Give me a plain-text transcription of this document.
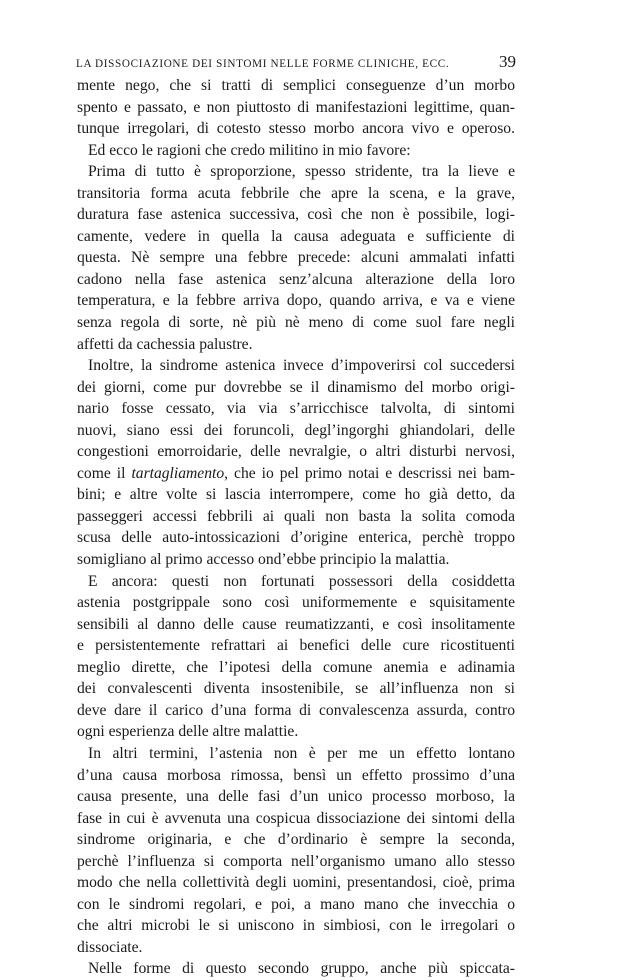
LA DISSOCIAZIONE DEI SINTOMI NELLE FORME CLINICHE, ECC.	39
mente nego, che si tratti di semplici conseguenze d’un morbo
spento e passato, e non piuttosto di manifestazioni legittime, quan-
tunque irregolari, di cotesto stesso morbo ancora vivo e operoso.
Ed ecco le ragioni che credo militino in mio favore:
Prima di tutto è sproporzione, spesso stridente, tra la lieve e
transitoria forma acuta febbrile che apre la scena, e la grave,
duratura fase astenica successiva, così che non è possibile, logi-
camente, vedere in quella la causa adeguata e sufficiente di
questa. Nè sempre una febbre precede: alcuni ammalati infatti
cadono nella fase astenica senz’alcuna alterazione della loro
temperatura, e la febbre arriva dopo, quando arriva, e va e viene
senza regola di sorte, nè più nè meno di come suol fare negli
affetti da cachessia palustre.
Inoltre, la sindrome astenica invece d’impoverirsi col succedersi
dei giorni, come pur dovrebbe se il dinamismo del morbo origi-
nario fosse cessato, via via s’arricchisce talvolta, di sintomi
nuovi, siano essi dei foruncoli, degl’ingorghi ghiandolari, delle
congestioni emorroidarie, delle nevralgie, o altri disturbi nervosi,
come il tartagliamento, che io pel primo notai e descrissi nei bam-
bini; e altre volte si lascia interrompere, come ho già detto, da
passeggeri accessi febbrili ai quali non basta la solita comoda
scusa delle auto-intossicazioni d’origine enterica, perchè troppo
somigliano al primo accesso ond’ebbe principio la malattia.
E ancora: questi non fortunati possessori della cosiddetta
astenia postgrippale sono così uniformemente e squisitamente
sensibili al danno delle cause reumatizzanti, e così insolitamente
e persistentemente refrattari ai benefici delle cure ricostituenti
meglio dirette, che l’ipotesi della comune anemia e adinamia
dei convalescenti diventa insostenibile, se all’influenza non si
deve dare il carico d’una forma di convalescenza assurda, contro
ogni esperienza delle altre malattie.
In altri termini, l’astenia non è per me un effetto lontano
d’una causa morbosa rimossa, bensì un effetto prossimo d’una
causa presente, una delle fasi d’un unico processo morboso, la
fase in cui è avvenuta una cospicua dissociazione dei sintomi della
sindrome originaria, e che d’ordinario è sempre la seconda,
perchè l’influenza si comporta nell’organismo umano allo stesso
modo che nella collettività degli uomini, presentandosi, cioè, prima
con le sindromi regolari, e poi, a mano mano che invecchia o
che altri microbi le si uniscono in simbiosi, con le irregolari o
dissociate.
Nelle forme di questo secondo gruppo, anche più spiccata-
